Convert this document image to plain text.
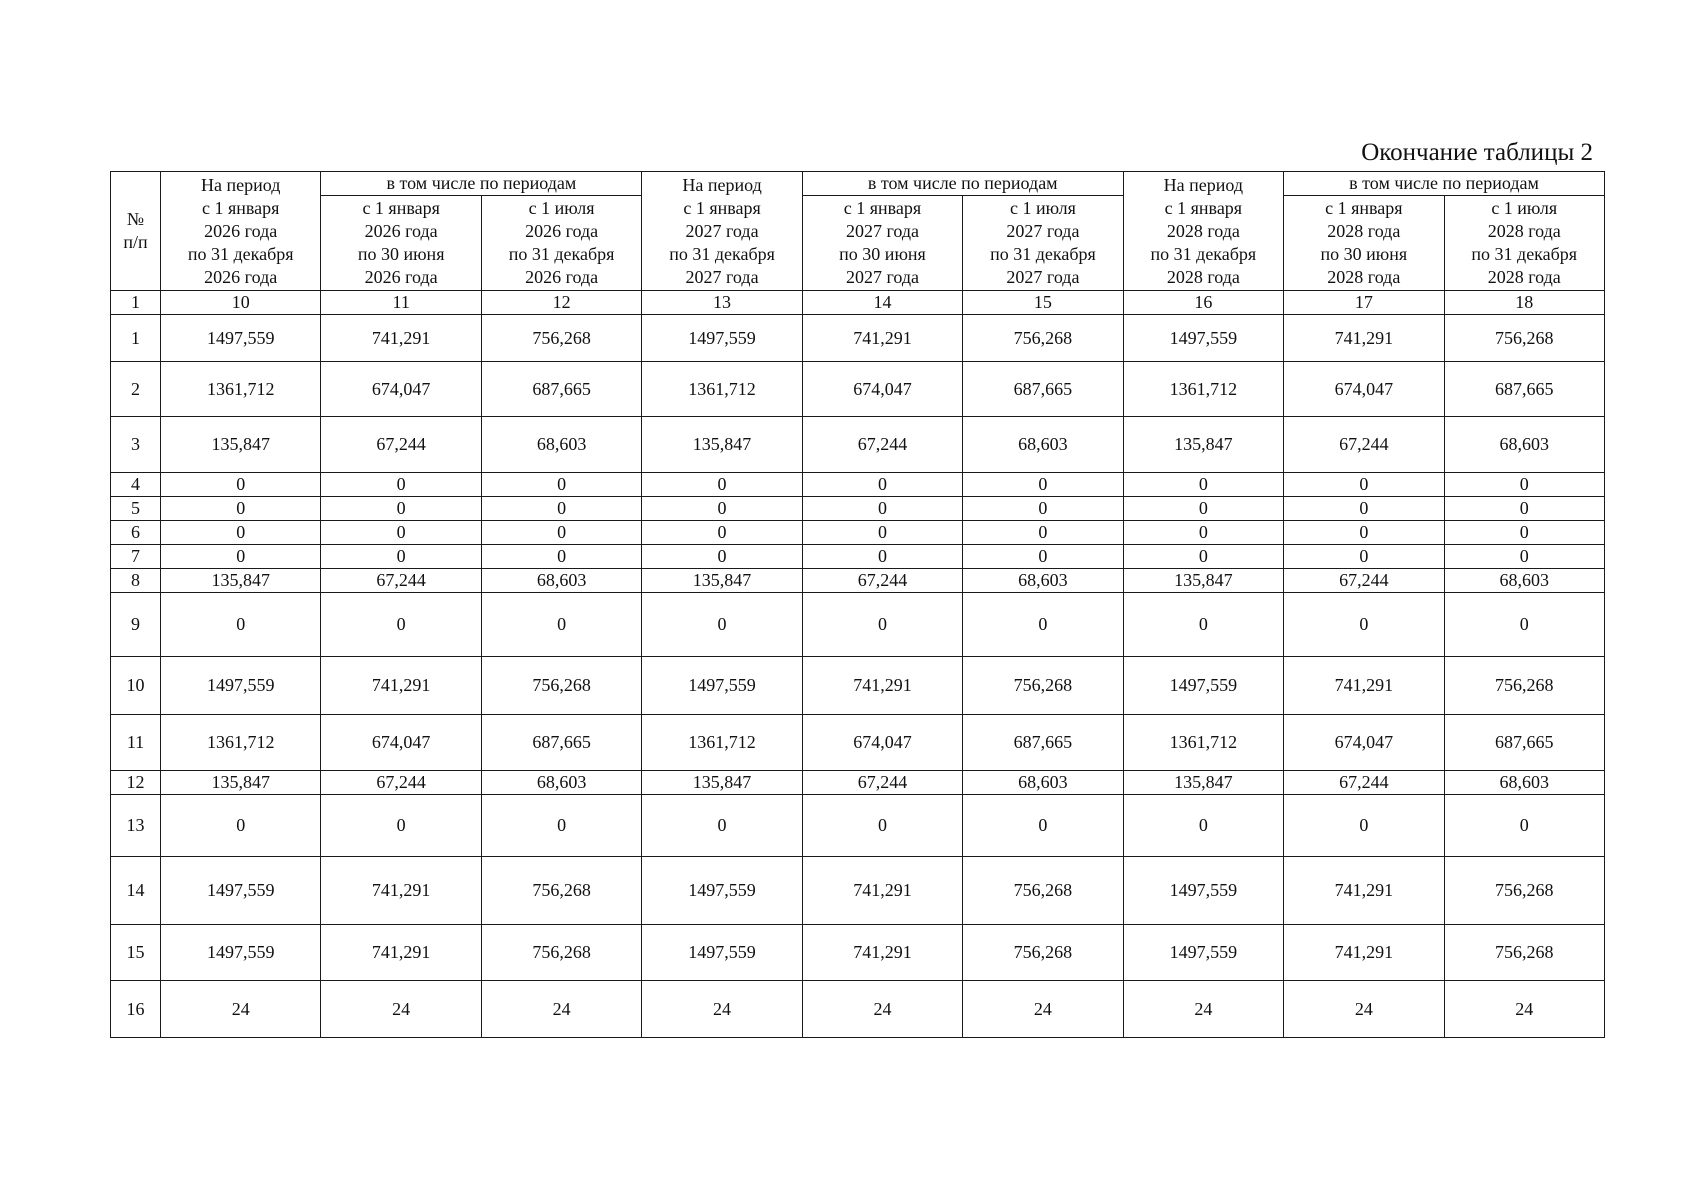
Окончание таблицы 2
№
п/п	На период
с 1 января
2026 года
по 31 декабря
2026 года	в том числе по периодам		На период
с 1 января
2027 года
по 31 декабря
2027 года	в том числе по периодам		На период
с 1 января
2028 года
по 31 декабря
2028 года	в том числе по периодам	
		с 1 января
2026 года
по 30 июня
2026 года	с 1 июля
2026 года
по 31 декабря
2026 года		с 1 января
2027 года
по 30 июня
2027 года	с 1 июля
2027 года
по 31 декабря
2027 года		с 1 января
2028 года
по 30 июня
2028 года	с 1 июля
2028 года
по 31 декабря
2028 года
1	10	11	12	13	14	15	16	17	18
1	1497,559	741,291	756,268	1497,559	741,291	756,268	1497,559	741,291	756,268
2	1361,712	674,047	687,665	1361,712	674,047	687,665	1361,712	674,047	687,665
3	135,847	67,244	68,603	135,847	67,244	68,603	135,847	67,244	68,603
4	0	0	0	0	0	0	0	0	0
5	0	0	0	0	0	0	0	0	0
6	0	0	0	0	0	0	0	0	0
7	0	0	0	0	0	0	0	0	0
8	135,847	67,244	68,603	135,847	67,244	68,603	135,847	67,244	68,603
9	0	0	0	0	0	0	0	0	0
10	1497,559	741,291	756,268	1497,559	741,291	756,268	1497,559	741,291	756,268
11	1361,712	674,047	687,665	1361,712	674,047	687,665	1361,712	674,047	687,665
12	135,847	67,244	68,603	135,847	67,244	68,603	135,847	67,244	68,603
13	0	0	0	0	0	0	0	0	0
14	1497,559	741,291	756,268	1497,559	741,291	756,268	1497,559	741,291	756,268
15	1497,559	741,291	756,268	1497,559	741,291	756,268	1497,559	741,291	756,268
16	24	24	24	24	24	24	24	24	24
